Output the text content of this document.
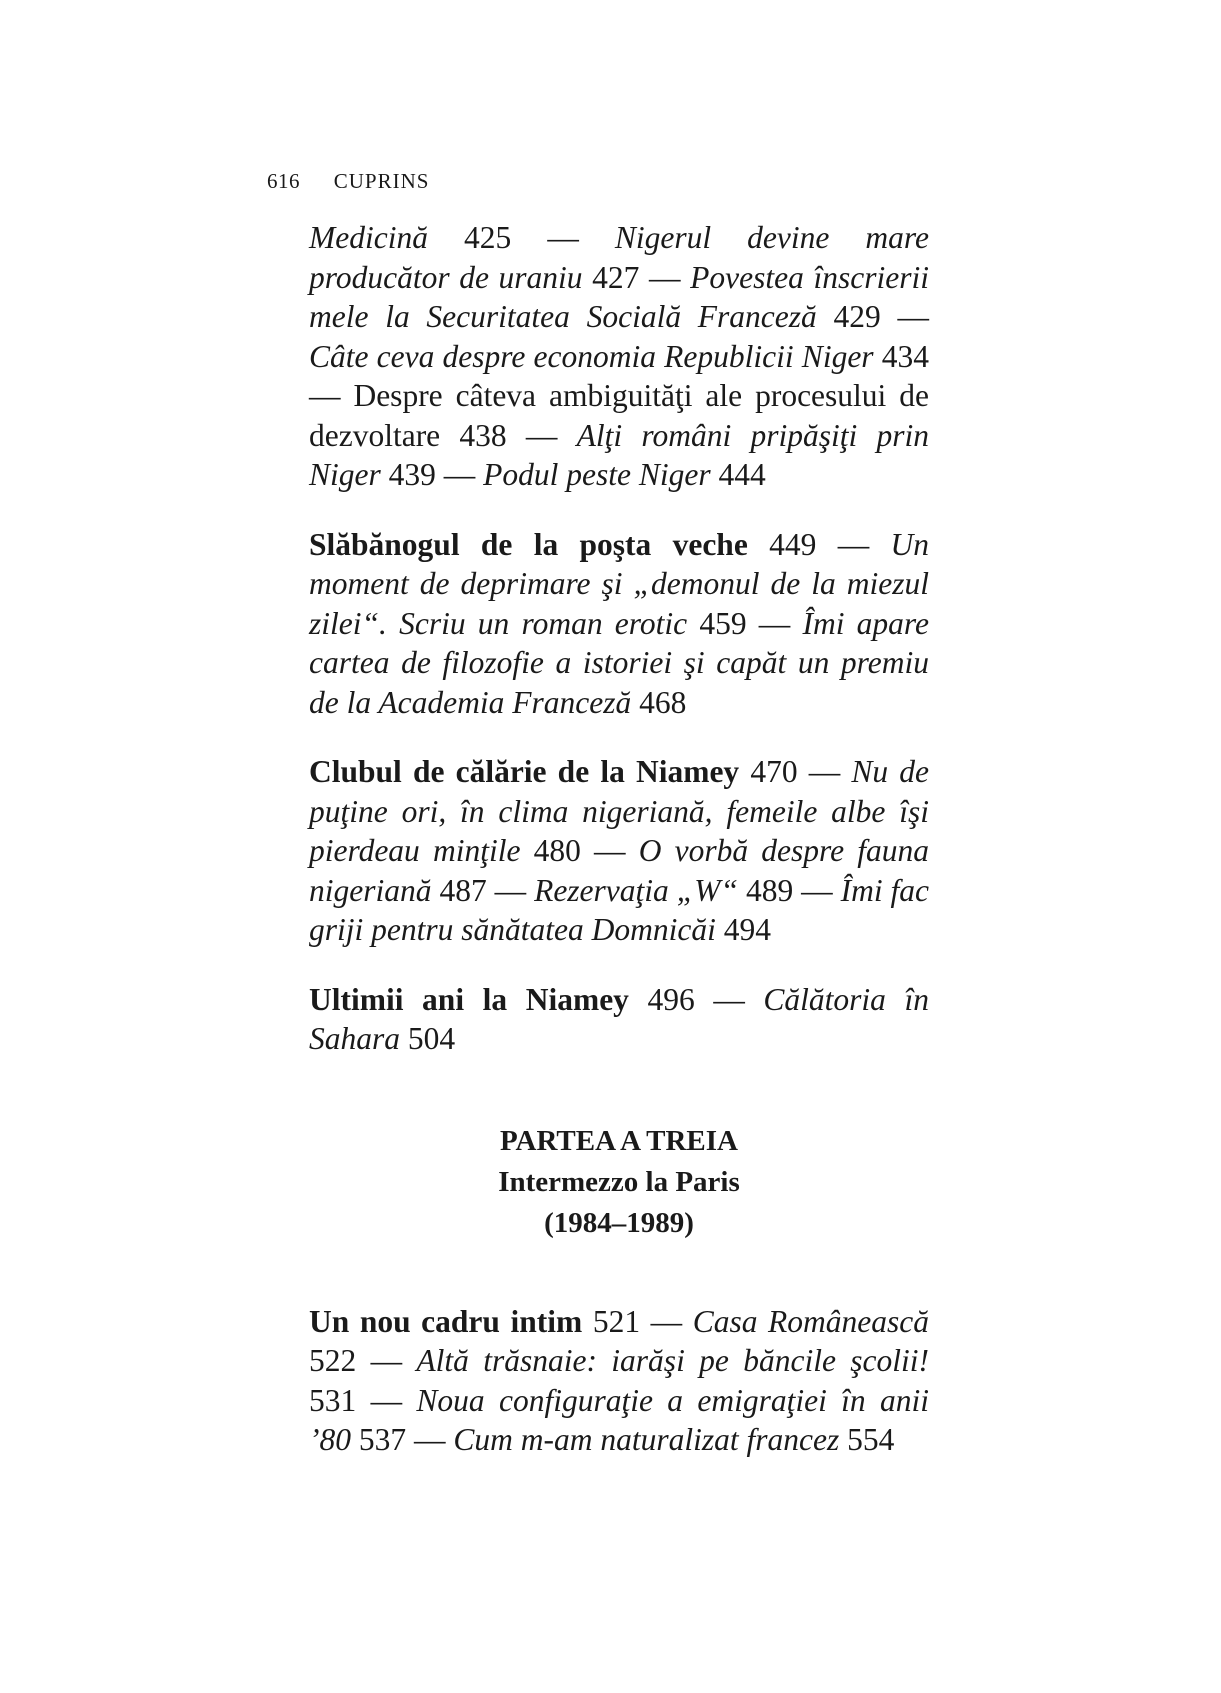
616 CUPRINS

Medicină 425 — Nigerul devine mare producător de uraniu 427 — Povestea înscrierii mele la Securitatea Socială Franceză 429 — Câte ceva despre economia Republicii Niger 434 — Despre câteva ambiguităţi ale procesului de dezvoltare 438 — Alţi români pripăşiţi prin Niger 439 — Podul peste Niger 444

Slăbănogul de la poşta veche 449 — Un moment de deprimare şi „demonul de la miezul zilei“. Scriu un roman erotic 459 — Îmi apare cartea de filozofie a istoriei şi capăt un premiu de la Academia Franceză 468

Clubul de călărie de la Niamey 470 — Nu de puţine ori, în clima nigeriană, femeile albe îşi pierdeau minţile 480 — O vorbă despre fauna nigeriană 487 — Rezervaţia „W“ 489 — Îmi fac griji pentru sănătatea Domnicăi 494

Ultimii ani la Niamey 496 — Călătoria în Sahara 504

PARTEA A TREIA
Intermezzo la Paris
(1984–1989)

Un nou cadru intim 521 — Casa Românească 522 — Altă trăsnaie: iarăşi pe băncile şcolii! 531 — Noua configuraţie a emigraţiei în anii ’80 537 — Cum m-am naturalizat francez 554
